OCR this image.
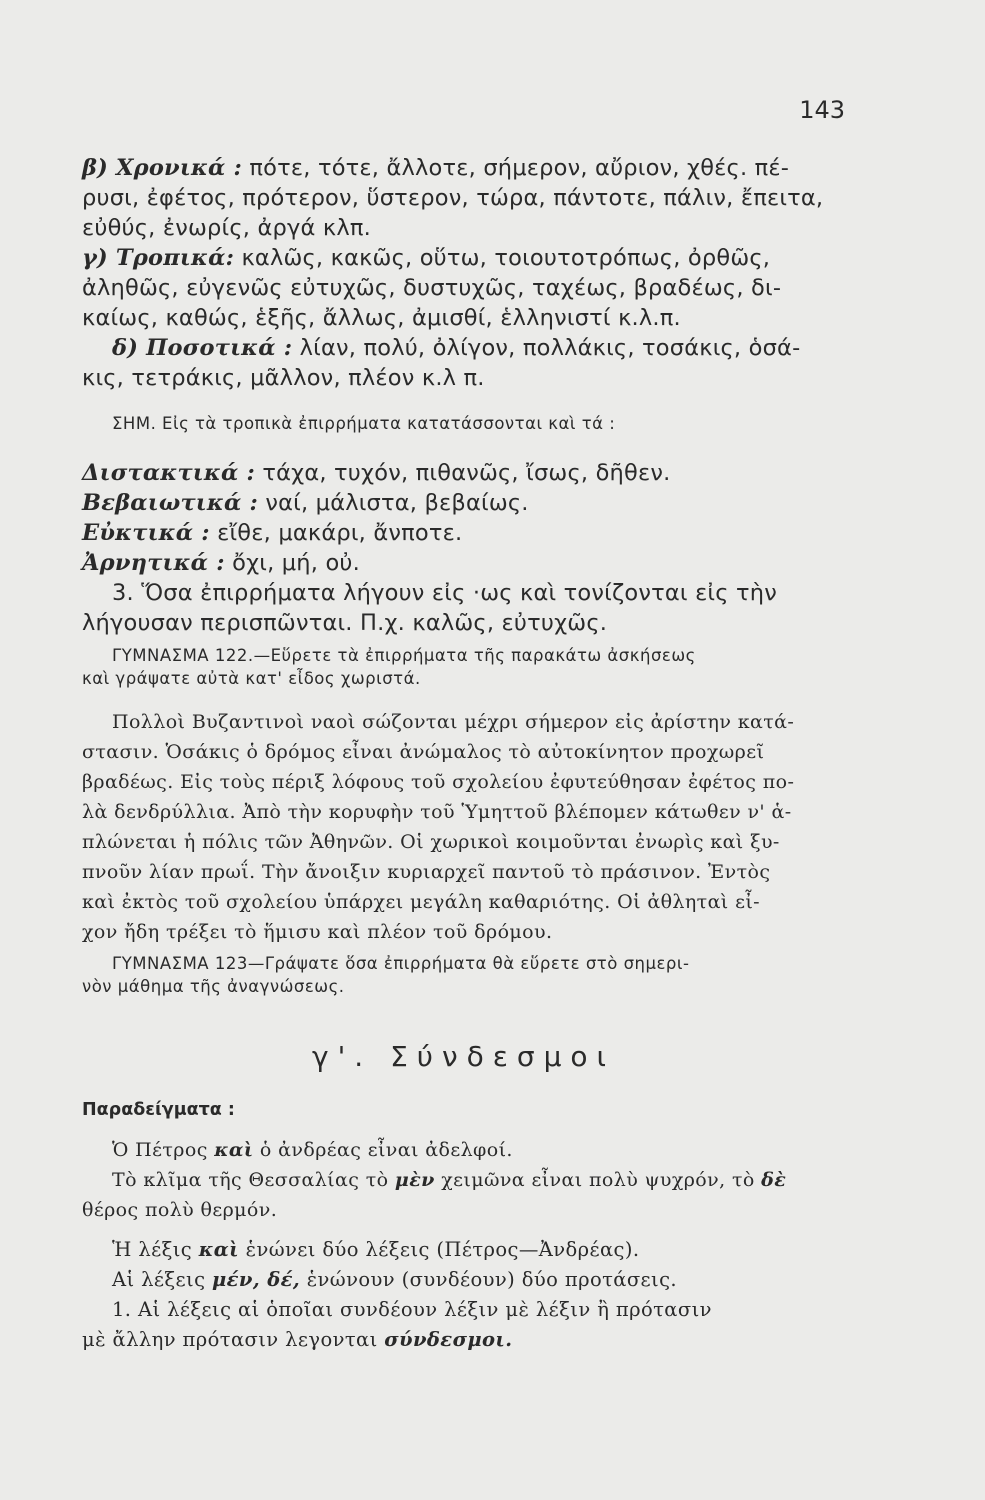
143
β) Χρονικά : πότε, τότε, ἄλλοτε, σήμερον, αὔριον, χθές. πέ-
ρυσι, ἐφέτος, πρότερον, ὕστερον, τώρα, πάντοτε, πάλιν, ἔπειτα,
εὐθύς, ἐνωρίς, ἀργά κλπ.
γ) Τροπικά: καλῶς, κακῶς, οὕτω, τοιουτοτρόπως, ὀρθῶς,
ἀληθῶς, εὐγενῶς εὐτυχῶς, δυστυχῶς, ταχέως, βραδέως, δι-
καίως, καθώς, ἑξῆς, ἄλλως, ἀμισθί, ἑλληνιστί κ.λ.π.
δ) Ποσοτικά : λίαν, πολύ, ὀλίγον, πολλάκις, τοσάκις, ὁσά-
κις, τετράκις, μᾶλλον, πλέον κ.λ π.
ΣΗΜ. Εἰς τὰ τροπικὰ ἐπιρρήματα κατατάσσονται καὶ τά :
Διστακτικά : τάχα, τυχόν, πιθανῶς, ἴσως, δῆθεν.
Βεβαιωτικά : ναί, μάλιστα, βεβαίως.
Εὐκτικά : εἴθε, μακάρι, ἄνποτε.
Ἀρνητικά : ὄχι, μή, οὐ.
3. Ὅσα ἐπιρρήματα λήγουν εἰς ·ως καὶ τονίζονται εἰς τὴν
λήγουσαν περισπῶνται. Π.χ. καλῶς, εὐτυχῶς.
ΓΥΜΝΑΣΜΑ 122.—Εὕρετε τὰ ἐπιρρήματα τῆς παρακάτω ἀσκήσεως
καὶ γράψατε αὐτὰ κατ' εἶδος χωριστά.
Πολλοὶ Βυζαντινοὶ ναοὶ σώζονται μέχρι σήμερον εἰς ἀρίστην κατά-
στασιν. Ὁσάκις ὁ δρόμος εἶναι ἀνώμαλος τὸ αὐτοκίνητον προχωρεῖ
βραδέως. Εἰς τοὺς πέριξ λόφους τοῦ σχολείου ἐφυτεύθησαν ἐφέτος πο-
λὰ δενδρύλλια. Ἀπὸ τὴν κορυφὴν τοῦ Ὑμηττοῦ βλέπομεν κάτωθεν ν' ἁ-
πλώνεται ἡ πόλις τῶν Ἀθηνῶν. Οἱ χωρικοὶ κοιμοῦνται ἐνωρὶς καὶ ξυ-
πνοῦν λίαν πρωΐ. Τὴν ἄνοιξιν κυριαρχεῖ παντοῦ τὸ πράσινον. Ἐντὸς
καὶ ἐκτὸς τοῦ σχολείου ὑπάρχει μεγάλη καθαριότης. Οἱ ἀθληταὶ εἶ-
χον ἤδη τρέξει τὸ ἥμισυ καὶ πλέον τοῦ δρόμου.
ΓΥΜΝΑΣΜΑ 123—Γράψατε ὅσα ἐπιρρήματα θὰ εὕρετε στὸ σημερι-
νὸν μάθημα τῆς ἀναγνώσεως.
γ'. Σύνδεσμοι
Παραδείγματα :
Ὁ Πέτρος καὶ ὁ ἀνδρέας εἶναι ἀδελφοί.
Τὸ κλῖμα τῆς Θεσσαλίας τὸ μὲν χειμῶνα εἶναι πολὺ ψυχρόν, τὸ δὲ
θέρος πολὺ θερμόν.
Ἡ λέξις καὶ ἑνώνει δύο λέξεις (Πέτρος—Ἀνδρέας).
Αἱ λέξεις μέν, δέ, ἑνώνουν (συνδέουν) δύο προτάσεις.
1. Αἱ λέξεις αἱ ὁποῖαι συνδέουν λέξιν μὲ λέξιν ἢ πρότασιν
μὲ ἄλλην πρότασιν λεγονται σύνδεσμοι.
